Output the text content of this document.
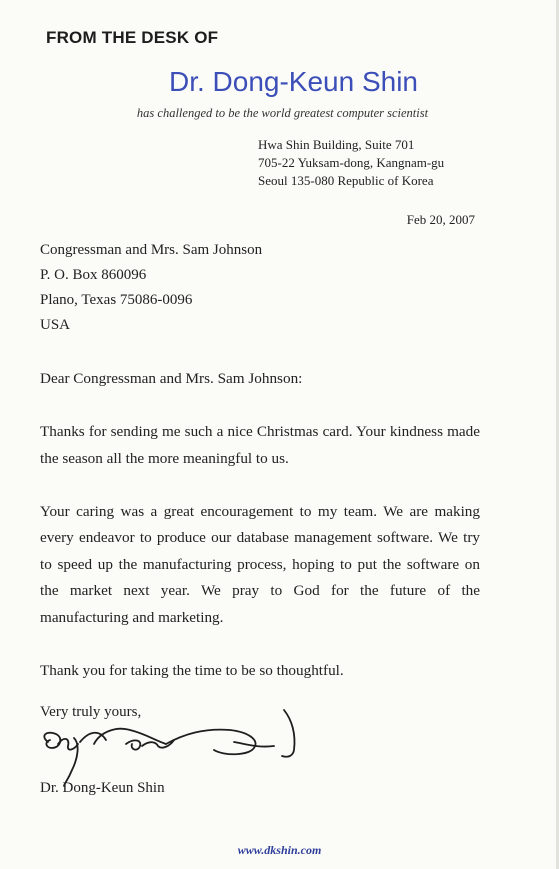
FROM THE DESK OF
Dr. Dong-Keun Shin
has challenged to be the world greatest computer scientist
Hwa Shin Building, Suite 701
705-22 Yuksam-dong, Kangnam-gu
Seoul 135-080 Republic of Korea
Feb 20, 2007
Congressman and Mrs. Sam Johnson
P. O. Box 860096
Plano, Texas 75086-0096
USA

Dear Congressman and Mrs. Sam Johnson:

Thanks for sending me such a nice Christmas card. Your kindness made the season all the more meaningful to us.

Your caring was a great encouragement to my team. We are making every endeavor to produce our database management software. We try to speed up the manufacturing process, hoping to put the software on the market next year. We pray to God for the future of the manufacturing and marketing.

Thank you for taking the time to be so thoughtful.

Very truly yours,
Dr. Dong-Keun Shin
www.dkshin.com
